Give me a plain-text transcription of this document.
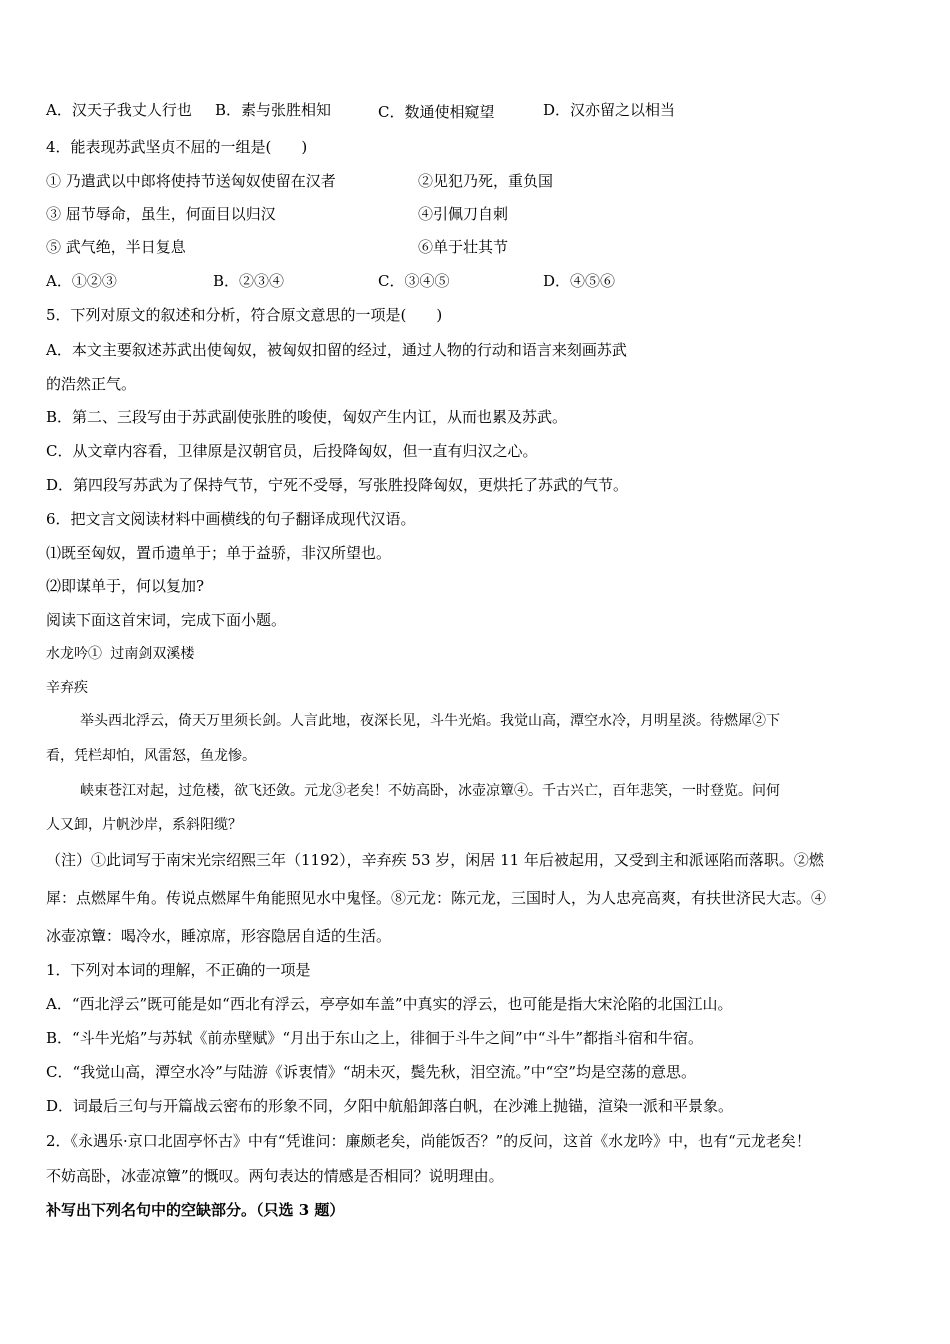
A．汉天子我丈人行也 B．素与张胜相知	C．数通使相窥望	D．汉亦留之以相当
4．能表现苏武坚贞不屈的一组是(　　)
① 乃遣武以中郎将使持节送匈奴使留在汉者	②见犯乃死，重负国
③ 屈节辱命，虽生，何面目以归汉	④引佩刀自刺
⑤ 武气绝，半日复息	⑥单于壮其节
A．①②③	B．②③④	C．③④⑤	D．④⑤⑥
5．下列对原文的叙述和分析，符合原文意思的一项是(　　)
A．本文主要叙述苏武出使匈奴，被匈奴扣留的经过，通过人物的行动和语言来刻画苏武
的浩然正气。
B．第二、三段写由于苏武副使张胜的唆使，匈奴产生内讧，从而也累及苏武。
C．从文章内容看，卫律原是汉朝官员，后投降匈奴，但一直有归汉之心。
D．第四段写苏武为了保持气节，宁死不受辱，写张胜投降匈奴，更烘托了苏武的气节。
6．把文言文阅读材料中画横线的句子翻译成现代汉语。
⑴既至匈奴，置币遗单于；单于益骄，非汉所望也。
⑵即谋单于，何以复加?
阅读下面这首宋词，完成下面小题。
水龙吟① 过南剑双溪楼
辛弃疾
举头西北浮云，倚天万里须长剑。人言此地，夜深长见，斗牛光焰。我觉山高，潭空水冷，月明星淡。待燃犀②下
看，凭栏却怕，风雷怒，鱼龙惨。
峡束苍江对起，过危楼，欲飞还敛。元龙③老矣！不妨高卧，冰壶凉簟④。千古兴亡，百年悲笑，一时登览。问何
人又卸，片帆沙岸，系斜阳缆？
（注）①此词写于南宋光宗绍熙三年（1192），辛弃疾 53 岁，闲居 11 年后被起用，又受到主和派诬陷而落职。②燃
犀：点燃犀牛角。传说点燃犀牛角能照见水中鬼怪。⑧元龙：陈元龙，三国时人，为人忠亮高爽，有扶世济民大志。④
冰壶凉簟：喝冷水，睡凉席，形容隐居自适的生活。
1．下列对本词的理解，不正确的一项是
A．“西北浮云”既可能是如“西北有浮云，亭亭如车盖”中真实的浮云，也可能是指大宋沦陷的北国江山。
B．“斗牛光焰”与苏轼《前赤壁赋》“月出于东山之上，徘徊于斗牛之间”中“斗牛”都指斗宿和牛宿。
C．“我觉山高，潭空水冷”与陆游《诉衷情》“胡未灭，鬓先秋，泪空流。”中“空”均是空荡的意思。
D．词最后三句与开篇战云密布的形象不同，夕阳中航船卸落白帆，在沙滩上抛锚，渲染一派和平景象。
2．《永遇乐·京口北固亭怀古》中有“凭谁问：廉颇老矣，尚能饭否？”的反问，这首《水龙吟》中，也有“元龙老矣！
不妨高卧，冰壶凉簟”的慨叹。两句表达的情感是否相同？说明理由。
补写出下列名句中的空缺部分。（只选 3 题）
